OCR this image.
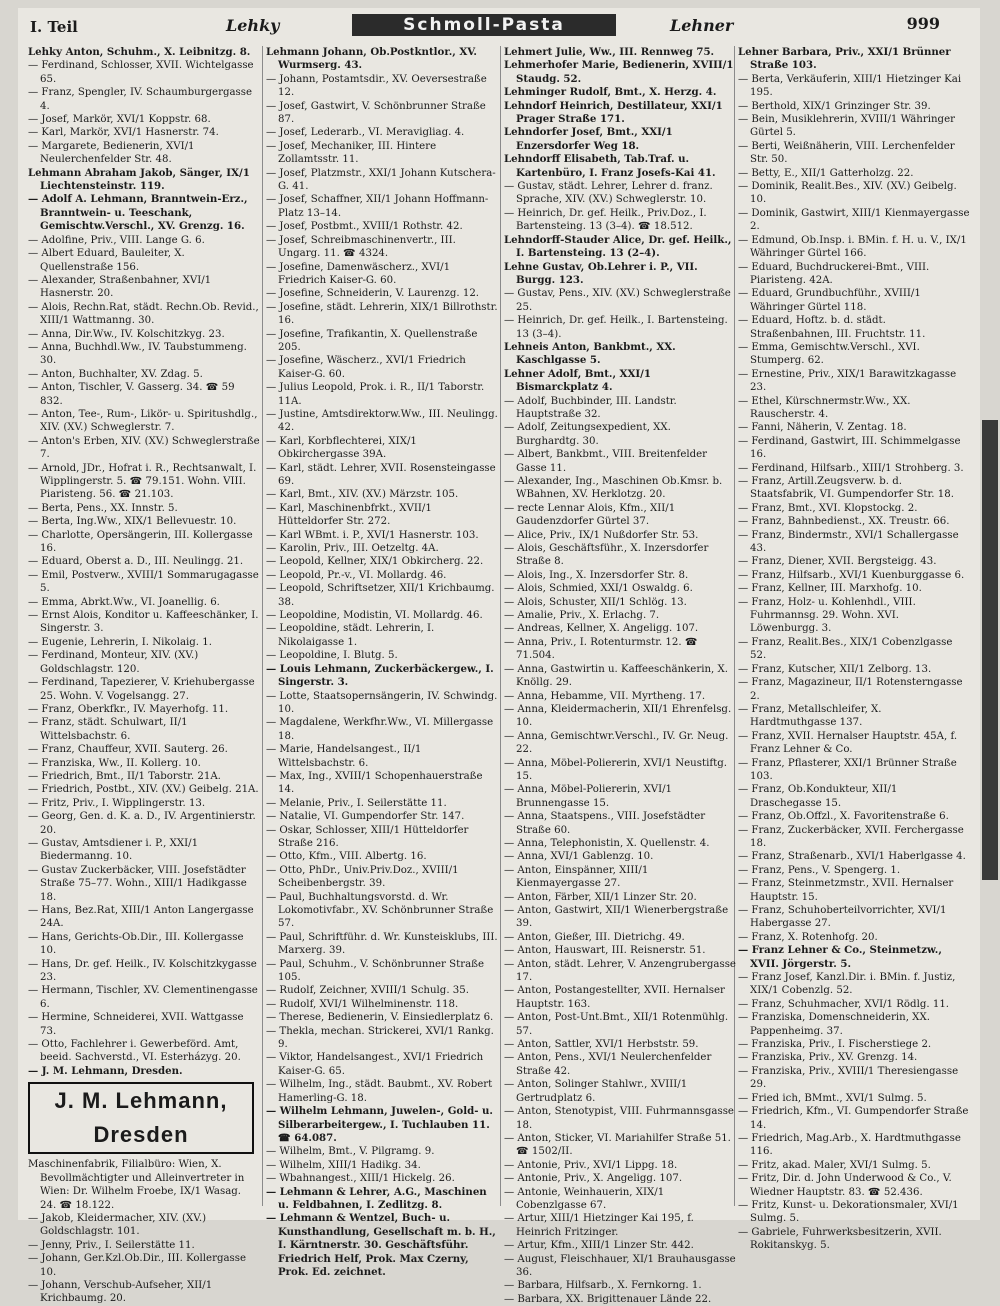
I. Teil	Lehky	Schmoll-Pasta	Lehner	999

Lehky Anton, Schuhm., X. Leibnitzg. 8.

— Ferdinand, Schlosser, XVII. Wichtelgasse 65.

— Franz, Spengler, IV. Schaumburgergasse 4.

— Josef, Markör, XVI/1 Koppstr. 68.

— Karl, Markör, XVI/1 Hasnerstr. 74.

— Margarete, Bedienerin, XVI/1 Neulerchenfelder Str. 48.

Lehmann Abraham Jakob, Sänger, IX/1 Liechtensteinstr. 119.

— Adolf A. Lehmann, Branntwein-Erz., Branntwein- u. Teeschank, Gemischtw.Verschl., XV. Grenzg. 16.

— Adolfine, Priv., VIII. Lange G. 6.

— Albert Eduard, Bauleiter, X. Quellenstraße 156.

— Alexander, Straßenbahner, XVI/1 Hasnerstr. 20.

— Alois, Rechn.Rat, städt. Rechn.Ob. Revid., XIII/1 Wattmanng. 30.

— Anna, Dir.Ww., IV. Kolschitzkyg. 23.

— Anna, Buchhdl.Ww., IV. Taubstummeng. 30.

— Anton, Buchhalter, XV. Zdag. 5.

— Anton, Tischler, V. Gasserg. 34. ☎ 59 832.

— Anton, Tee-, Rum-, Likör- u. Spiritushdlg., XIV. (XV.) Schweglerstr. 7.

— Anton's Erben, XIV. (XV.) Schweglerstraße 7.

— Arnold, JDr., Hofrat i. R., Rechtsanwalt, I. Wipplingerstr. 5. ☎ 79.151. Wohn. VIII. Piaristeng. 56. ☎ 21.103.

— Berta, Pens., XX. Innstr. 5.

— Berta, Ing.Ww., XIX/1 Bellevuestr. 10.

— Charlotte, Opersängerin, III. Kollergasse 16.

— Eduard, Oberst a. D., III. Neulingg. 21.

— Emil, Postverw., XVIII/1 Sommarugagasse 5.

— Emma, Abrkt.Ww., VI. Joanellig. 6.

— Ernst Alois, Konditor u. Kaffeeschänker, I. Singerstr. 3.

— Eugenie, Lehrerin, I. Nikolaig. 1.

— Ferdinand, Monteur, XIV. (XV.) Goldschlagstr. 120.

— Ferdinand, Tapezierer, V. Kriehubergasse 25. Wohn. V. Vogelsangg. 27.

— Franz, Oberkfkr., IV. Mayerhofg. 11.

— Franz, städt. Schulwart, II/1 Wittelsbachstr. 6.

— Franz, Chauffeur, XVII. Sauterg. 26.

— Franziska, Ww., II. Kollerg. 10.

— Friedrich, Bmt., II/1 Taborstr. 21A.

— Friedrich, Postbt., XIV. (XV.) Geibelg. 21A.

— Fritz, Priv., I. Wipplingerstr. 13.

— Georg, Gen. d. K. a. D., IV. Argentinierstr. 20.

— Gustav, Amtsdiener i. P., XXI/1 Biedermanng. 10.

— Gustav Zuckerbäcker, VIII. Josefstädter Straße 75–77. Wohn., XIII/1 Hadikgasse 18.

— Hans, Bez.Rat, XIII/1 Anton Langergasse 24A.

— Hans, Gerichts-Ob.Dir., III. Kollergasse 10.

— Hans, Dr. gef. Heilk., IV. Kolschitzkygasse 23.

— Hermann, Tischler, XV. Clementinengasse 6.

— Hermine, Schneiderei, XVII. Wattgasse 73.

— Otto, Fachlehrer i. Gewerbeförd. Amt, beeid. Sachverstd., VI. Esterházyg. 20.

— J. M. Lehmann, Dresden.

J. M. Lehmann, Dresden

Maschinenfabrik, Filialbüro: Wien, X. Bevollmächtigter und Alleinvertreter in Wien: Dr. Wilhelm Froebe, IX/1 Wasag. 24. ☎ 18.122.

— Jakob, Kleidermacher, XIV. (XV.) Goldschlagstr. 101.

— Jenny, Priv., I. Seilerstätte 11.

— Johann, Ger.Kzl.Ob.Dir., III. Kollergasse 10.

— Johann, Verschub-Aufseher, XII/1 Krichbaumg. 20.

Lehmann Johann, Ob.Postkntlor., XV. Wurmserg. 43.

— Johann, Postamtsdir., XV. Oeversestraße 12.

— Josef, Gastwirt, V. Schönbrunner Straße 87.

— Josef, Lederarb., VI. Meravigliag. 4.

— Josef, Mechaniker, III. Hintere Zollamtsstr. 11.

— Josef, Platzmstr., XXI/1 Johann Kutschera-G. 41.

— Josef, Schaffner, XII/1 Johann Hoffmann-Platz 13–14.

— Josef, Postbmt., XVIII/1 Rothstr. 42.

— Josef, Schreibmaschinenvertr., III. Ungarg. 11. ☎ 4324.

— Josefine, Damenwäscherz., XVI/1 Friedrich Kaiser-G. 60.

— Josefine, Schneiderin, V. Laurenzg. 12.

— Josefine, städt. Lehrerin, XIX/1 Billrothstr. 16.

— Josefine, Trafikantin, X. Quellenstraße 205.

— Josefine, Wäscherz., XVI/1 Friedrich Kaiser-G. 60.

— Julius Leopold, Prok. i. R., II/1 Taborstr. 11A.

— Justine, Amtsdirektorw.Ww., III. Neulingg. 42.

— Karl, Korbflechterei, XIX/1 Obkirchergasse 39A.

— Karl, städt. Lehrer, XVII. Rosensteingasse 69.

— Karl, Bmt., XIV. (XV.) Märzstr. 105.

— Karl, Maschinenbfrkt., XVII/1 Hütteldorfer Str. 272.

— Karl WBmt. i. P., XVI/1 Hasnerstr. 103.

— Karolin, Priv., III. Oetzeltg. 4A.

— Leopold, Kellner, XIX/1 Obkircherg. 22.

— Leopold, Pr.-v., VI. Mollardg. 46.

— Leopold, Schriftsetzer, XII/1 Krichbaumg. 38.

— Leopoldine, Modistin, VI. Mollardg. 46.

— Leopoldine, städt. Lehrerin, I. Nikolaigasse 1.

— Leopoldine, I. Blutg. 5.

— Louis Lehmann, Zuckerbäckergew., I. Singerstr. 3.

— Lotte, Staatsopernsängerin, IV. Schwindg. 10.

— Magdalene, Werkfhr.Ww., VI. Millergasse 18.

— Marie, Handelsangest., II/1 Wittelsbachstr. 6.

— Max, Ing., XVIII/1 Schopenhauerstraße 14.

— Melanie, Priv., I. Seilerstätte 11.

— Natalie, VI. Gumpendorfer Str. 147.

— Oskar, Schlosser, XIII/1 Hütteldorfer Straße 216.

— Otto, Kfm., VIII. Albertg. 16.

— Otto, PhDr., Univ.Priv.Doz., XVIII/1 Scheibenbergstr. 39.

— Paul, Buchhaltungsvorstd. d. Wr. Lokomotivfabr., XV. Schönbrunner Straße 57.

— Paul, Schriftführ. d. Wr. Kunsteisklubs, III. Marxerg. 39.

— Paul, Schuhm., V. Schönbrunner Straße 105.

— Rudolf, Zeichner, XVIII/1 Schulg. 35.

— Rudolf, XVI/1 Wilhelminenstr. 118.

— Therese, Bedienerin, V. Einsiedlerplatz 6.

— Thekla, mechan. Strickerei, XVI/1 Rankg. 9.

— Viktor, Handelsangest., XVI/1 Friedrich Kaiser-G. 65.

— Wilhelm, Ing., städt. Baubmt., XV. Robert Hamerling-G. 18.

— Wilhelm Lehmann, Juwelen-, Gold- u. Silberarbeitergew., I. Tuchlauben 11. ☎ 64.087.

— Wilhelm, Bmt., V. Pilgramg. 9.

— Wilhelm, XIII/1 Hadikg. 34.

— Wbahnangest., XIII/1 Hickelg. 26.

— Lehmann & Lehrer, A.G., Maschinen u. Feldbahnen, I. Zedlitzg. 8.

— Lehmann & Wentzel, Buch- u. Kunsthandlung, Gesellschaft m. b. H., I. Kärntnerstr. 30. Geschäftsführ. Friedrich Helf, Prok. Max Czerny, Prok. Ed. zeichnet.

Lehmert Julie, Ww., III. Rennweg 75.

Lehmerhofer Marie, Bedienerin, XVIII/1 Staudg. 52.

Lehminger Rudolf, Bmt., X. Herzg. 4.

Lehndorf Heinrich, Destillateur, XXI/1 Prager Straße 171.

Lehndorfer Josef, Bmt., XXI/1 Enzersdorfer Weg 18.

Lehndorff Elisabeth, Tab.Traf. u. Kartenbüro, I. Franz Josefs-Kai 41.

— Gustav, städt. Lehrer, Lehrer d. franz. Sprache, XIV. (XV.) Schweglerstr. 10.

— Heinrich, Dr. gef. Heilk., Priv.Doz., I. Bartensteing. 13 (3–4). ☎ 18.512.

Lehndorff-Stauder Alice, Dr. gef. Heilk., I. Bartensteing. 13 (2–4).

Lehne Gustav, Ob.Lehrer i. P., VII. Burgg. 123.

— Gustav, Pens., XIV. (XV.) Schweglerstraße 25.

— Heinrich, Dr. gef. Heilk., I. Bartensteing. 13 (3–4).

Lehneis Anton, Bankbmt., XX. Kaschlgasse 5.

Lehner Adolf, Bmt., XXI/1 Bismarckplatz 4.

— Adolf, Buchbinder, III. Landstr. Hauptstraße 32.

— Adolf, Zeitungsexpedient, XX. Burghardtg. 30.

— Albert, Bankbmt., VIII. Breitenfelder Gasse 11.

— Alexander, Ing., Maschinen Ob.Kmsr. b. WBahnen, XV. Herklotzg. 20.

— recte Lennar Alois, Kfm., XII/1 Gaudenzdorfer Gürtel 37.

— Alice, Priv., IX/1 Nußdorfer Str. 53.

— Alois, Geschäftsführ., X. Inzersdorfer Straße 8.

— Alois, Ing., X. Inzersdorfer Str. 8.

— Alois, Schmied, XXI/1 Oswaldg. 6.

— Alois, Schuster, XII/1 Schlög. 13.

— Amalie, Priv., X. Erlachg. 7.

— Andreas, Kellner, X. Angeligg. 107.

— Anna, Priv., I. Rotenturmstr. 12. ☎ 71.504.

— Anna, Gastwirtin u. Kaffeeschänkerin, X. Knöllg. 29.

— Anna, Hebamme, VII. Myrtheng. 17.

— Anna, Kleidermacherin, XII/1 Ehrenfelsg. 10.

— Anna, Gemischtwr.Verschl., IV. Gr. Neug. 22.

— Anna, Möbel-Poliererin, XVI/1 Neustiftg. 15.

— Anna, Möbel-Poliererin, XVI/1 Brunnengasse 15.

— Anna, Staatspens., VIII. Josefstädter Straße 60.

— Anna, Telephonistin, X. Quellenstr. 4.

— Anna, XVI/1 Gablenzg. 10.

— Anton, Einspänner, XIII/1 Kienmayergasse 27.

— Anton, Färber, XII/1 Linzer Str. 20.

— Anton, Gastwirt, XII/1 Wienerbergstraße 39.

— Anton, Gießer, III. Dietrichg. 49.

— Anton, Hauswart, III. Reisnerstr. 51.

— Anton, städt. Lehrer, V. Anzengrubergasse 17.

— Anton, Postangestellter, XVII. Hernalser Hauptstr. 163.

— Anton, Post-Unt.Bmt., XII/1 Rotenmühlg. 57.

— Anton, Sattler, XVI/1 Herbststr. 59.

— Anton, Pens., XVI/1 Neulerchenfelder Straße 42.

— Anton, Solinger Stahlwr., XVIII/1 Gertrudplatz 6.

— Anton, Stenotypist, VIII. Fuhrmannsgasse 18.

— Anton, Sticker, VI. Mariahilfer Straße 51. ☎ 1502/II.

— Antonie, Priv., XVI/1 Lippg. 18.

— Antonie, Priv., X. Angeligg. 107.

— Antonie, Weinhauerin, XIX/1 Cobenzlgasse 67.

— Artur, XIII/1 Hietzinger Kai 195, f. Heinrich Fritzinger.

— Artur, Kfm., XIII/1 Linzer Str. 442.

— August, Fleischhauer, XI/1 Brauhausgasse 36.

— Barbara, Hilfsarb., X. Fernkorng. 1.

— Barbara, XX. Brigittenauer Lände 22.

Lehner Barbara, Priv., XXI/1 Brünner Straße 103.

— Berta, Verkäuferin, XIII/1 Hietzinger Kai 195.

— Berthold, XIX/1 Grinzinger Str. 39.

— Bein, Musiklehrerin, XVIII/1 Währinger Gürtel 5.

— Berti, Weißnäherin, VIII. Lerchenfelder Str. 50.

— Betty, E., XII/1 Gatterholzg. 22.

— Dominik, Realit.Bes., XIV. (XV.) Geibelg. 10.

— Dominik, Gastwirt, XIII/1 Kienmayergasse 2.

— Edmund, Ob.Insp. i. BMin. f. H. u. V., IX/1 Währinger Gürtel 166.

— Eduard, Buchdruckerei-Bmt., VIII. Piaristeng. 42A.

— Eduard, Grundbuchführ., XVIII/1 Währinger Gürtel 118.

— Eduard, Hoftz. b. d. städt. Straßenbahnen, III. Fruchtstr. 11.

— Emma, Gemischtw.Verschl., XVI. Stumperg. 62.

— Ernestine, Priv., XIX/1 Barawitzkagasse 23.

— Ethel, Kürschnermstr.Ww., XX. Rauscherstr. 4.

— Fanni, Näherin, V. Zentag. 18.

— Ferdinand, Gastwirt, III. Schimmelgasse 16.

— Ferdinand, Hilfsarb., XIII/1 Strohberg. 3.

— Franz, Artill.Zeugsverw. b. d. Staatsfabrik, VI. Gumpendorfer Str. 18.

— Franz, Bmt., XVI. Klopstockg. 2.

— Franz, Bahnbedienst., XX. Treustr. 66.

— Franz, Bindermstr., XVI/1 Schallergasse 43.

— Franz, Diener, XVII. Bergsteigg. 43.

— Franz, Hilfsarb., XVI/1 Kuenburggasse 6.

— Franz, Kellner, III. Marxhofg. 10.

— Franz, Holz- u. Kohlenhdl., VIII. Fuhrmannsg. 29. Wohn. XVI. Löwenburgg. 3.

— Franz, Realit.Bes., XIX/1 Cobenzlgasse 52.

— Franz, Kutscher, XII/1 Zelborg. 13.

— Franz, Magazineur, II/1 Rotensterngasse 2.

— Franz, Metallschleifer, X. Hardtmuthgasse 137.

— Franz, XVII. Hernalser Hauptstr. 45A, f. Franz Lehner & Co.

— Franz, Pflasterer, XXI/1 Brünner Straße 103.

— Franz, Ob.Kondukteur, XII/1 Draschegasse 15.

— Franz, Ob.Offzl., X. Favoritenstraße 6.

— Franz, Zuckerbäcker, XVII. Ferchergasse 18.

— Franz, Straßenarb., XVI/1 Haberlgasse 4.

— Franz, Pens., V. Spengerg. 1.

— Franz, Steinmetzmstr., XVII. Hernalser Hauptstr. 15.

— Franz, Schuhoberteilvorrichter, XVI/1 Habergasse 27.

— Franz, X. Rotenhofg. 20.

— Franz Lehner & Co., Steinmetzw., XVII. Jörgerstr. 5.

— Franz Josef, Kanzl.Dir. i. BMin. f. Justiz, XIX/1 Cobenzlg. 52.

— Franz, Schuhmacher, XVI/1 Rödlg. 11.

— Franziska, Domenschneiderin, XX. Pappenheimg. 37.

— Franziska, Priv., I. Fischerstiege 2.

— Franziska, Priv., XV. Grenzg. 14.

— Franziska, Priv., XVIII/1 Theresiengasse 29.

— Fried ich, BMmt., XVI/1 Sulmg. 5.

— Friedrich, Kfm., VI. Gumpendorfer Straße 14.

— Friedrich, Mag.Arb., X. Hardtmuthgasse 116.

— Fritz, akad. Maler, XVI/1 Sulmg. 5.

— Fritz, Dir. d. John Underwood & Co., V. Wiedner Hauptstr. 83. ☎ 52.436.

— Fritz, Kunst- u. Dekorationsmaler, XVI/1 Sulmg. 5.

— Gabriele, Fuhrwerksbesitzerin, XVII. Rokitanskyg. 5.
